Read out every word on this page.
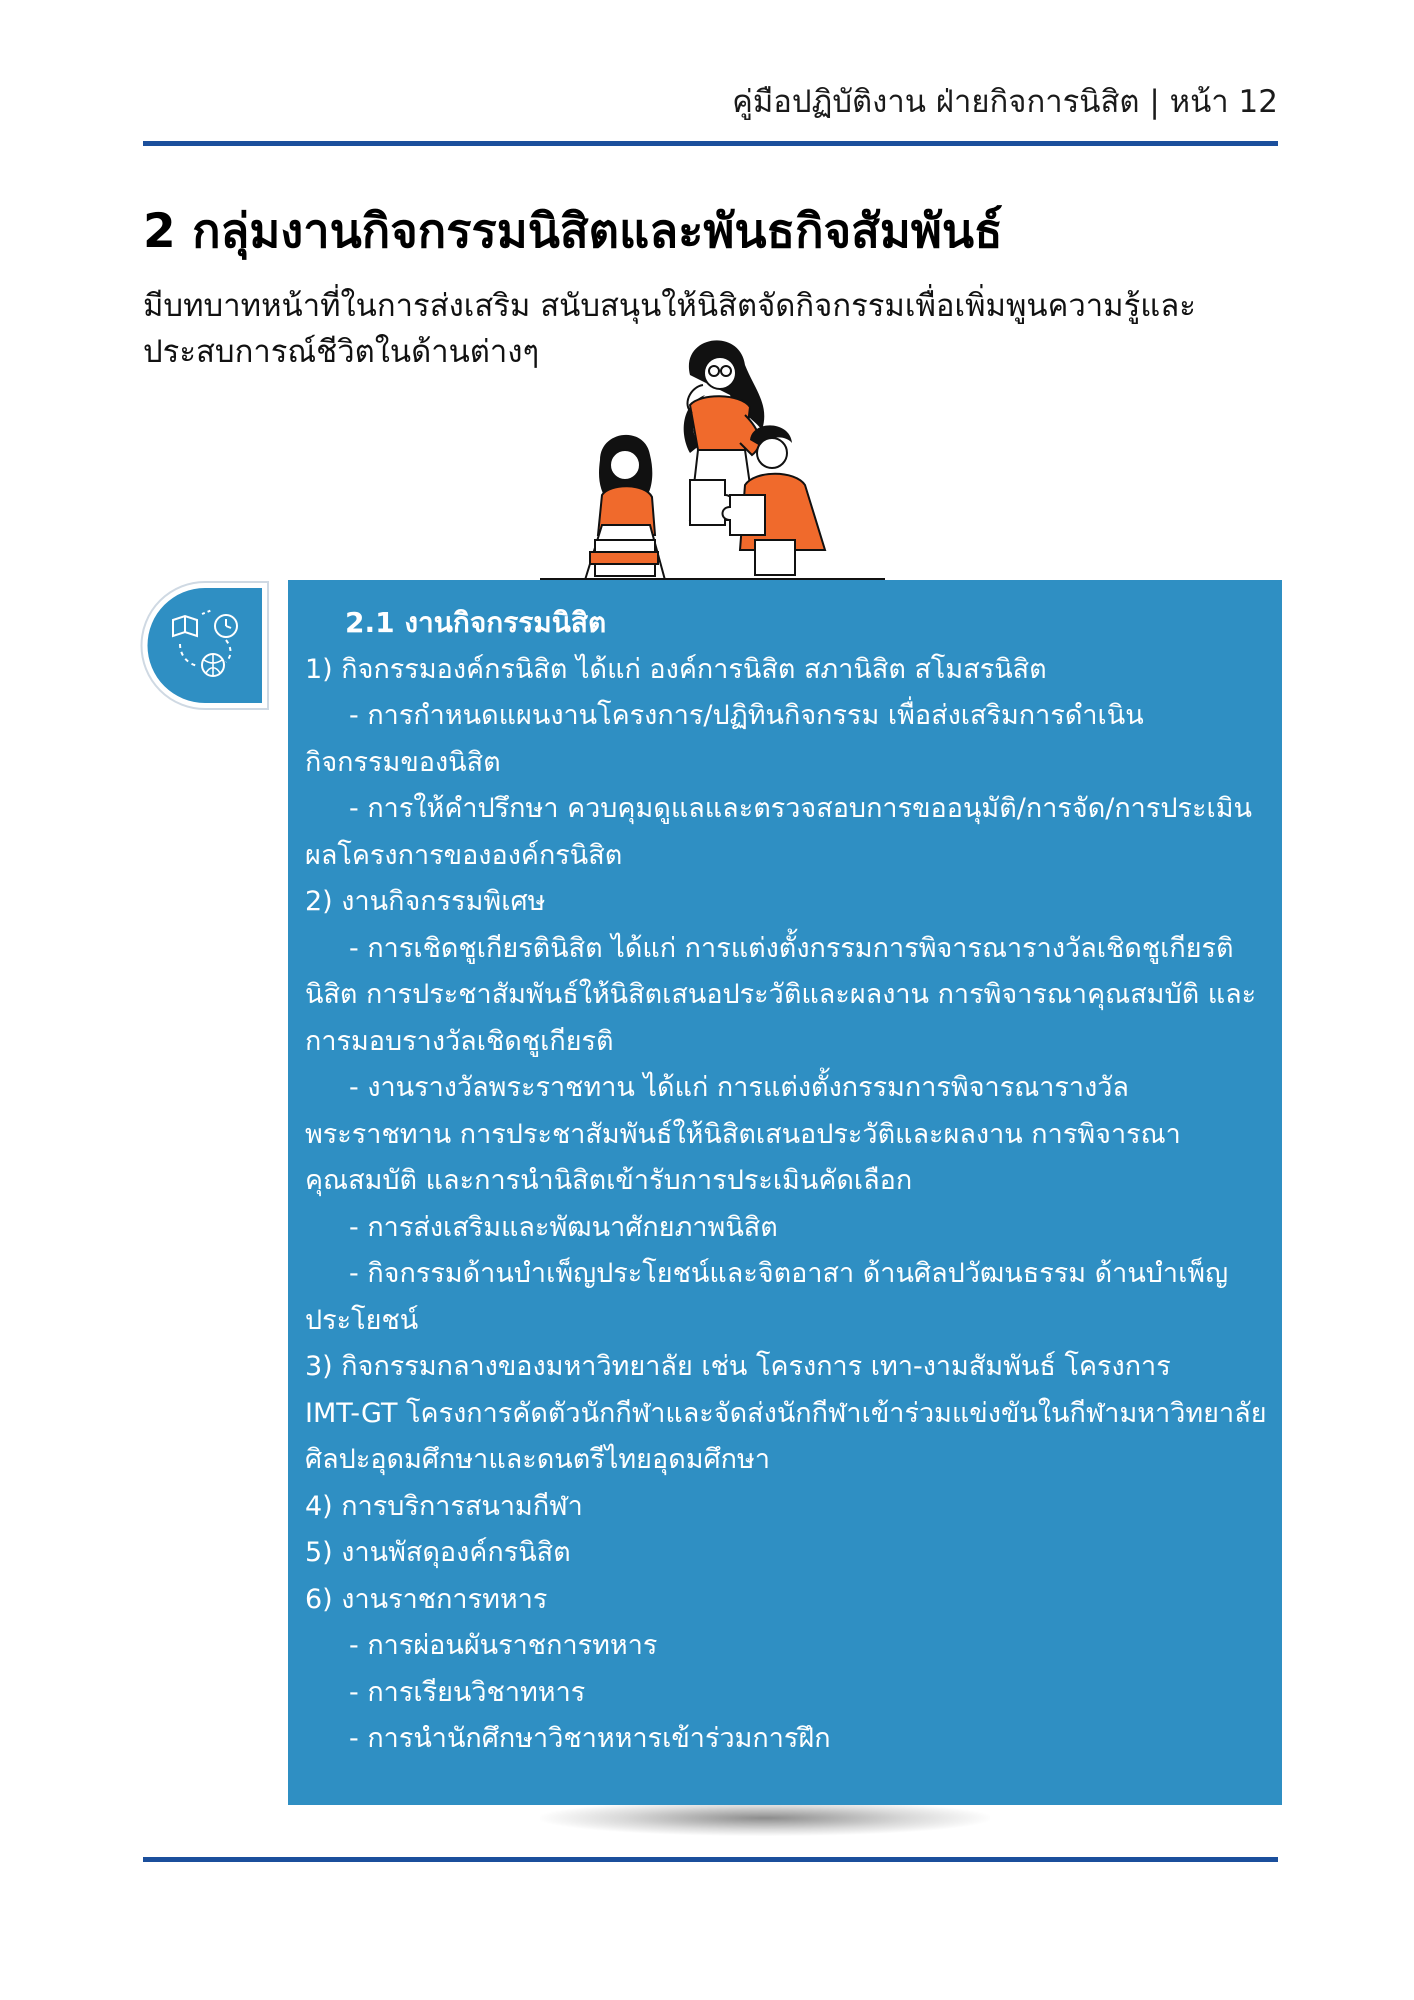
คู่มือปฏิบัติงาน ฝ่ายกิจการนิสิต | หน้า 12
2 กลุ่มงานกิจกรรมนิสิตและพันธกิจสัมพันธ์
มีบทบาทหน้าที่ในการส่งเสริม สนับสนุนให้นิสิตจัดกิจกรรมเพื่อเพิ่มพูนความรู้และประสบการณ์ชีวิตในด้านต่างๆ
2.1 งานกิจกรรมนิสิต
1) กิจกรรมองค์กรนิสิต ได้แก่ องค์การนิสิต สภานิสิต สโมสรนิสิต
- การกำหนดแผนงานโครงการ/ปฏิทินกิจกรรม เพื่อส่งเสริมการดำเนิน
กิจกรรมของนิสิต
- การให้คำปรึกษา ควบคุมดูแลและตรวจสอบการขออนุมัติ/การจัด/การประเมิน
ผลโครงการขององค์กรนิสิต
2) งานกิจกรรมพิเศษ
- การเชิดชูเกียรตินิสิต ได้แก่ การแต่งตั้งกรรมการพิจารณารางวัลเชิดชูเกียรติ
นิสิต การประชาสัมพันธ์ให้นิสิตเสนอประวัติและผลงาน การพิจารณาคุณสมบัติ และ
การมอบรางวัลเชิดชูเกียรติ
- งานรางวัลพระราชทาน ได้แก่ การแต่งตั้งกรรมการพิจารณารางวัล
พระราชทาน การประชาสัมพันธ์ให้นิสิตเสนอประวัติและผลงาน การพิจารณา
คุณสมบัติ และการนำนิสิตเข้ารับการประเมินคัดเลือก
- การส่งเสริมและพัฒนาศักยภาพนิสิต
- กิจกรรมด้านบำเพ็ญประโยชน์และจิตอาสา ด้านศิลปวัฒนธรรม ด้านบำเพ็ญ
ประโยชน์
3) กิจกรรมกลางของมหาวิทยาลัย เช่น โครงการ เทา-งามสัมพันธ์ โครงการ
IMT-GT โครงการคัดตัวนักกีฬาและจัดส่งนักกีฬาเข้าร่วมแข่งขันในกีฬามหาวิทยาลัย
ศิลปะอุดมศึกษาและดนตรีไทยอุดมศึกษา
4) การบริการสนามกีฬา
5) งานพัสดุองค์กรนิสิต
6) งานราชการทหาร
- การผ่อนผันราชการทหาร
- การเรียนวิชาทหาร
- การนำนักศึกษาวิชาหหารเข้าร่วมการฝึก
